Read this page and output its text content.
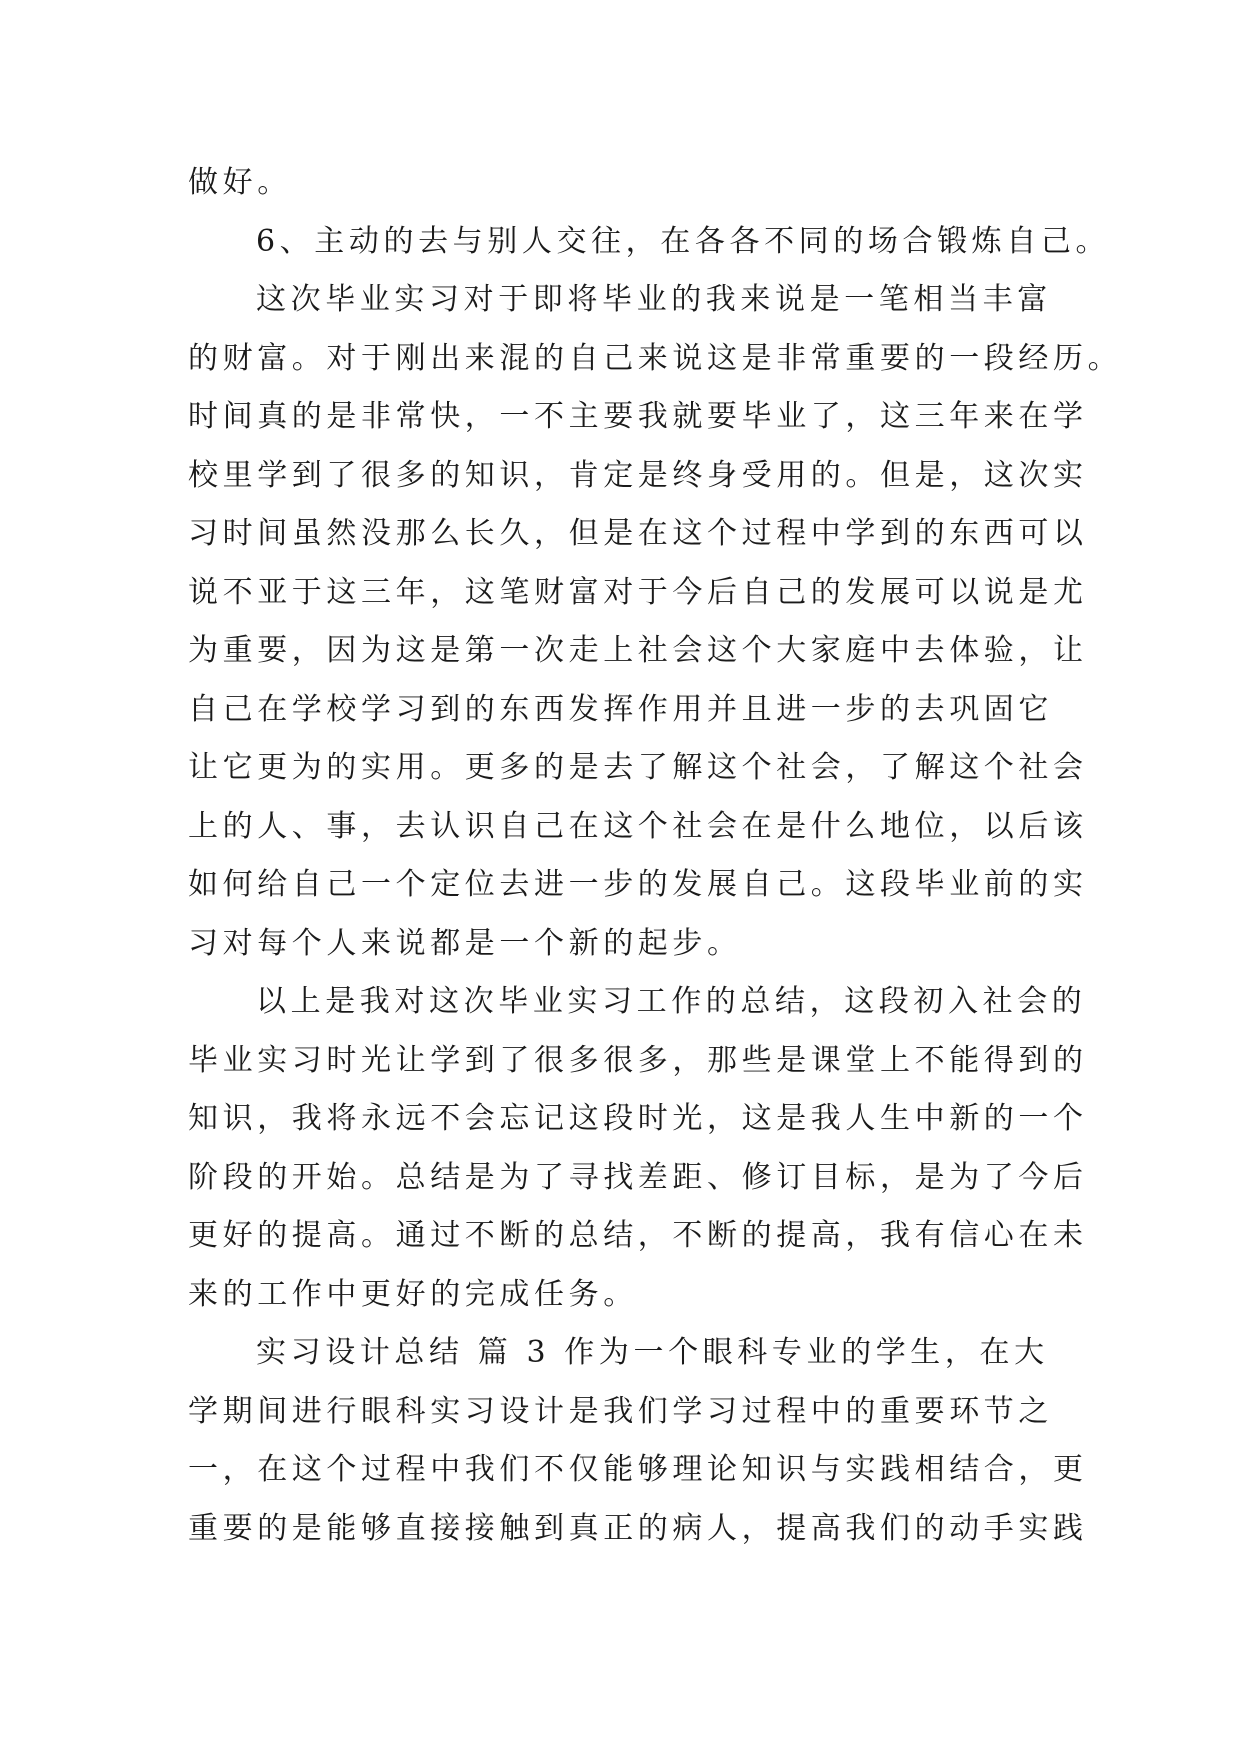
做好。
6、主动的去与别人交往，在各各不同的场合锻炼自己。
这次毕业实习对于即将毕业的我来说是一笔相当丰富
的财富。对于刚出来混的自己来说这是非常重要的一段经历。
时间真的是非常快，一不主要我就要毕业了，这三年来在学
校里学到了很多的知识，肯定是终身受用的。但是，这次实
习时间虽然没那么长久，但是在这个过程中学到的东西可以
说不亚于这三年，这笔财富对于今后自己的发展可以说是尤
为重要，因为这是第一次走上社会这个大家庭中去体验，让
自己在学校学习到的东西发挥作用并且进一步的去巩固它
让它更为的实用。更多的是去了解这个社会，了解这个社会
上的人、事，去认识自己在这个社会在是什么地位，以后该
如何给自己一个定位去进一步的发展自己。这段毕业前的实
习对每个人来说都是一个新的起步。
以上是我对这次毕业实习工作的总结，这段初入社会的
毕业实习时光让学到了很多很多，那些是课堂上不能得到的
知识，我将永远不会忘记这段时光，这是我人生中新的一个
阶段的开始。总结是为了寻找差距、修订目标，是为了今后
更好的提高。通过不断的总结，不断的提高，我有信心在未
来的工作中更好的完成任务。
实习设计总结 篇 3 作为一个眼科专业的学生，在大
学期间进行眼科实习设计是我们学习过程中的重要环节之
一，在这个过程中我们不仅能够理论知识与实践相结合，更
重要的是能够直接接触到真正的病人，提高我们的动手实践
